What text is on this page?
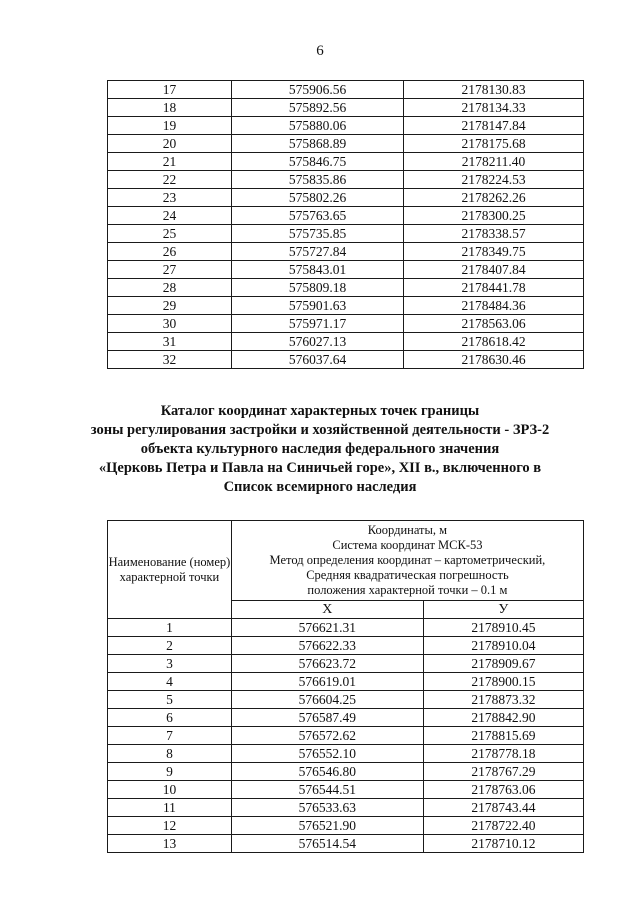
6
17	575906.56	2178130.83
18	575892.56	2178134.33
19	575880.06	2178147.84
20	575868.89	2178175.68
21	575846.75	2178211.40
22	575835.86	2178224.53
23	575802.26	2178262.26
24	575763.65	2178300.25
25	575735.85	2178338.57
26	575727.84	2178349.75
27	575843.01	2178407.84
28	575809.18	2178441.78
29	575901.63	2178484.36
30	575971.17	2178563.06
31	576027.13	2178618.42
32	576037.64	2178630.46
Каталог координат характерных точек границы
зоны регулирования застройки и хозяйственной деятельности - ЗРЗ-2
объекта культурного наследия федерального значения
«Церковь Петра и Павла на Синичьей горе», XII в., включенного в
Список всемирного наследия
Наименование (номер) характерной точки	Координаты, м
Система координат МСК-53
Метод определения координат – картометрический,
Средняя квадратическая погрешность
положения характерной точки – 0.1 м	

	X	У
1	576621.31	2178910.45
2	576622.33	2178910.04
3	576623.72	2178909.67
4	576619.01	2178900.15
5	576604.25	2178873.32
6	576587.49	2178842.90
7	576572.62	2178815.69
8	576552.10	2178778.18
9	576546.80	2178767.29
10	576544.51	2178763.06
11	576533.63	2178743.44
12	576521.90	2178722.40
13	576514.54	2178710.12
